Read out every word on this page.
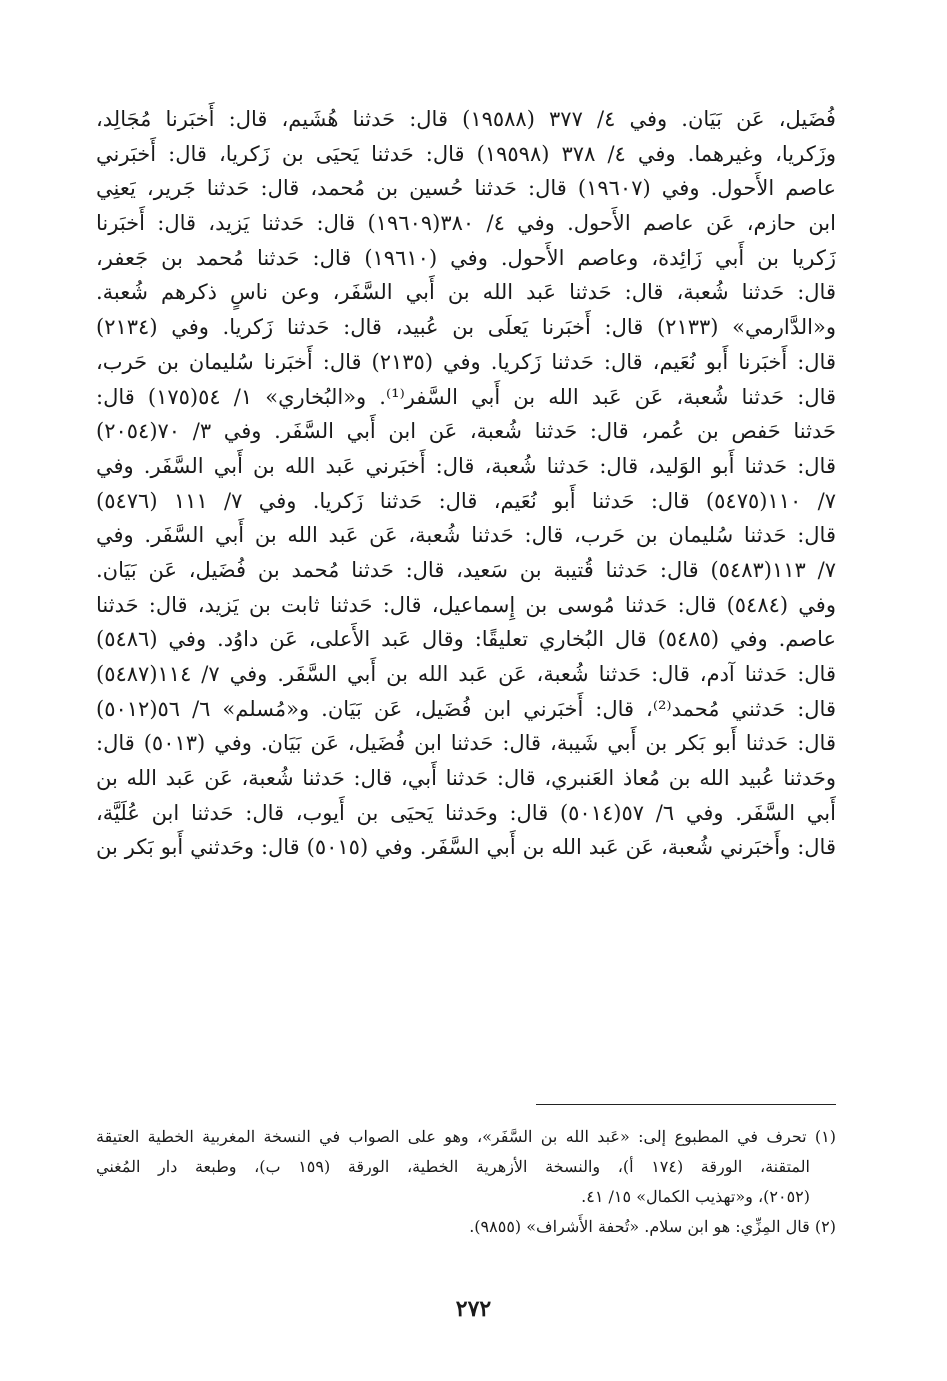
فُضَيل، عَن بَيَان. وفي ٤/ ٣٧٧ (١٩٥٨٨) قال: حَدثنا هُشَيم، قال: أَخبَرنا مُجَالِد،
وزَكريا، وغيرهما. وفي ٤/ ٣٧٨ (١٩٥٩٨) قال: حَدثنا يَحيَى بن زَكريا، قال: أَخبَرني
عاصم الأَحول. وفي (١٩٦٠٧) قال: حَدثنا حُسين بن مُحمد، قال: حَدثنا جَرير، يَعنِي
ابن حازم، عَن عاصم الأَحول. وفي ٤/ ٣٨٠(١٩٦٠٩) قال: حَدثنا يَزيد، قال: أَخبَرنا
زَكريا بن أَبي زَائِدة، وعاصم الأَحول. وفي (١٩٦١٠) قال: حَدثنا مُحمد بن جَعفر،
قال: حَدثنا شُعبة، قال: حَدثنا عَبد الله بن أَبي السَّفَر، وعن ناسٍ ذكرهم شُعبة.
و«الدَّارمي» (٢١٣٣) قال: أَخبَرنا يَعلَى بن عُبيد، قال: حَدثنا زَكريا. وفي (٢١٣٤)
قال: أَخبَرنا أَبو نُعَيم، قال: حَدثنا زَكريا. وفي (٢١٣٥) قال: أَخبَرنا سُليمان بن حَرب،
قال: حَدثنا شُعبة، عَن عَبد الله بن أَبي السَّفر⁽¹⁾. و«البُخاري» ١/ ٥٤(١٧٥) قال:
حَدثنا حَفص بن عُمر، قال: حَدثنا شُعبة، عَن ابن أَبي السَّفَر. وفي ٣/ ٧٠(٢٠٥٤)
قال: حَدثنا أَبو الوَليد، قال: حَدثنا شُعبة، قال: أَخبَرني عَبد الله بن أَبي السَّفَر. وفي
٧/ ١١٠(٥٤٧٥) قال: حَدثنا أَبو نُعَيم، قال: حَدثنا زَكريا. وفي ٧/ ١١١ (٥٤٧٦)
قال: حَدثنا سُليمان بن حَرب، قال: حَدثنا شُعبة، عَن عَبد الله بن أَبي السَّفَر. وفي
٧/ ١١٣(٥٤٨٣) قال: حَدثنا قُتيبة بن سَعيد، قال: حَدثنا مُحمد بن فُضَيل، عَن بَيَان.
وفي (٥٤٨٤) قال: حَدثنا مُوسى بن إِسماعيل، قال: حَدثنا ثابت بن يَزيد، قال: حَدثنا
عاصم. وفي (٥٤٨٥) قال البُخاري تعليقًا: وقال عَبد الأَعلى، عَن داوُد. وفي (٥٤٨٦)
قال: حَدثنا آدم، قال: حَدثنا شُعبة، عَن عَبد الله بن أَبي السَّفَر. وفي ٧/ ١١٤(٥٤٨٧)
قال: حَدثني مُحمد⁽²⁾، قال: أَخبَرني ابن فُضَيل، عَن بَيَان. و«مُسلم» ٦/ ٥٦(٥٠١٢)
قال: حَدثنا أَبو بَكر بن أَبي شَيبة، قال: حَدثنا ابن فُضَيل، عَن بَيَان. وفي (٥٠١٣) قال:
وحَدثنا عُبيد الله بن مُعاذ العَنبري، قال: حَدثنا أَبي، قال: حَدثنا شُعبة، عَن عَبد الله بن
أَبي السَّفَر. وفي ٦/ ٥٧(٥٠١٤) قال: وحَدثنا يَحيَى بن أَيوب، قال: حَدثنا ابن عُلَيَّة،
قال: وأَخبَرني شُعبة، عَن عَبد الله بن أَبي السَّفَر. وفي (٥٠١٥) قال: وحَدثني أَبو بَكر بن
(١) تحرف في المطبوع إلى: «عَبد الله بن السَّفَر»، وهو على الصواب في النسخة المغربية الخطية العتيقة
المتقنة، الورقة (١٧٤ أ)، والنسخة الأزهرية الخطية، الورقة (١٥٩ ب)، وطبعة دار المُغني
(٢٠٥٢)، و«تهذيب الكمال» ١٥/ ٤١.
(٢) قال المِزِّي: هو ابن سلام. «تُحفة الأَشراف» (٩٨٥٥).
٢٧٢
